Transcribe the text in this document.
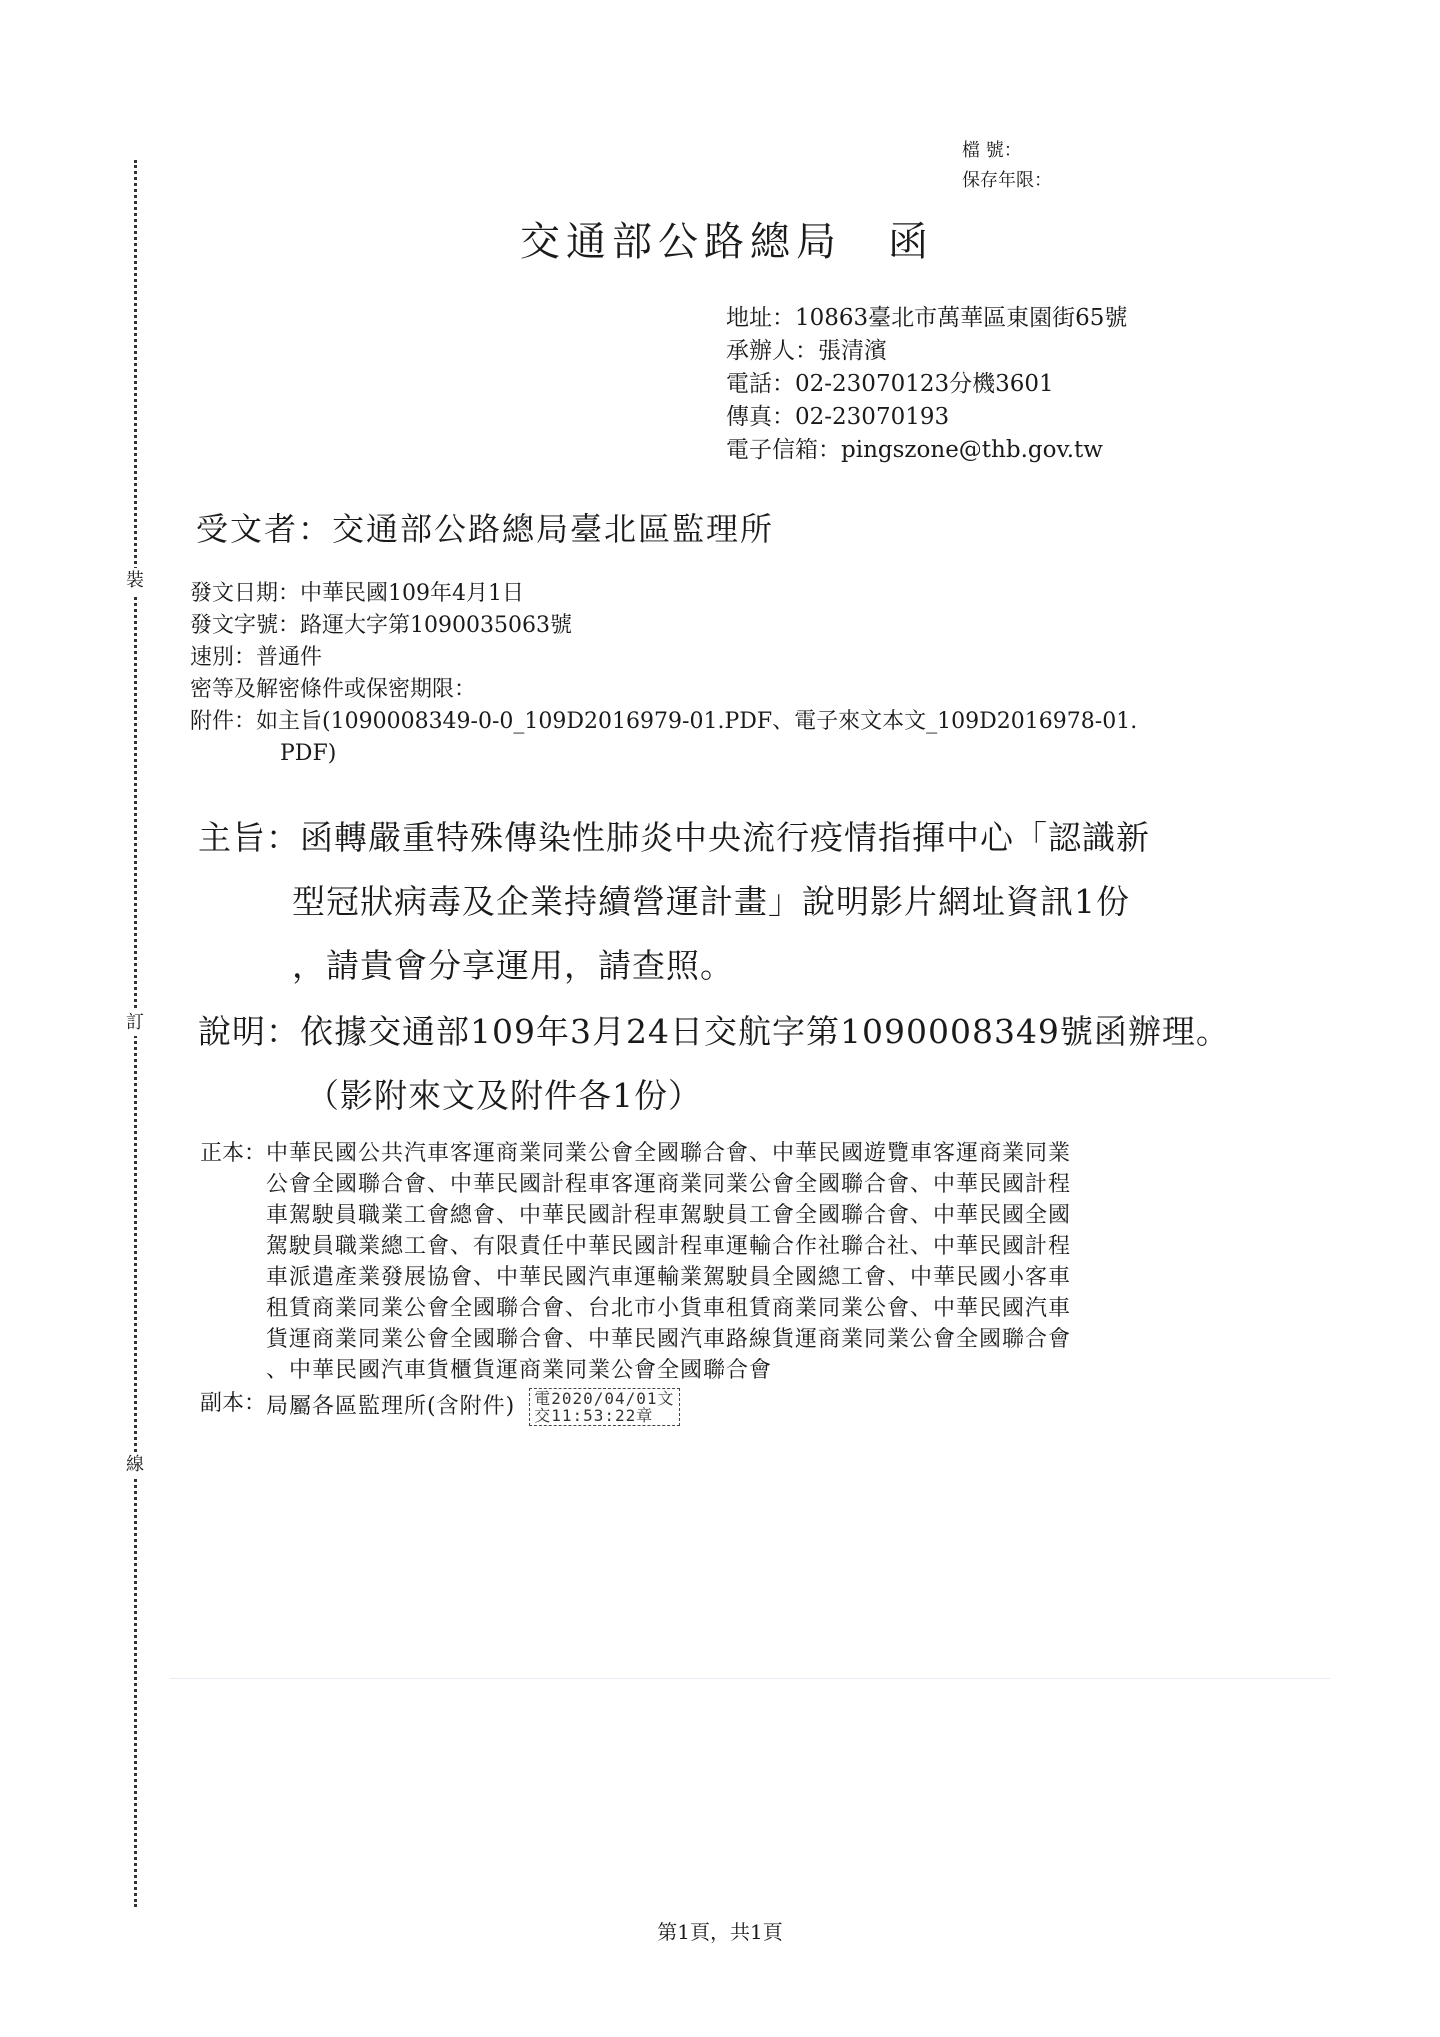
裝
訂
線
檔 號：
保存年限：
交通部公路總局　函
地址：10863臺北市萬華區東園街65號
承辦人：張清濱
電話：02-23070123分機3601
傳真：02-23070193
電子信箱：pingszone@thb.gov.tw
受文者：交通部公路總局臺北區監理所
發文日期：中華民國109年4月1日
發文字號：路運大字第1090035063號
速別：普通件
密等及解密條件或保密期限：
附件：如主旨(1090008349-0-0_109D2016979-01.PDF、電子來文本文_109D2016978-01.
PDF)
主旨：函轉嚴重特殊傳染性肺炎中央流行疫情指揮中心「認識新
型冠狀病毒及企業持續營運計畫」說明影片網址資訊1份
，請貴會分享運用，請查照。
說明：依據交通部109年3月24日交航字第1090008349號函辦理。
（影附來文及附件各1份）
正本： 中華民國公共汽車客運商業同業公會全國聯合會、中華民國遊覽車客運商業同業
公會全國聯合會、中華民國計程車客運商業同業公會全國聯合會、中華民國計程
車駕駛員職業工會總會、中華民國計程車駕駛員工會全國聯合會、中華民國全國
駕駛員職業總工會、有限責任中華民國計程車運輸合作社聯合社、中華民國計程
車派遣產業發展協會、中華民國汽車運輸業駕駛員全國總工會、中華民國小客車
租賃商業同業公會全國聯合會、台北市小貨車租賃商業同業公會、中華民國汽車
貨運商業同業公會全國聯合會、中華民國汽車路線貨運商業同業公會全國聯合會
、中華民國汽車貨櫃貨運商業同業公會全國聯合會
副本： 局屬各區監理所(含附件) 電2020/04/01文
交11:53:22章
第1頁，共1頁
